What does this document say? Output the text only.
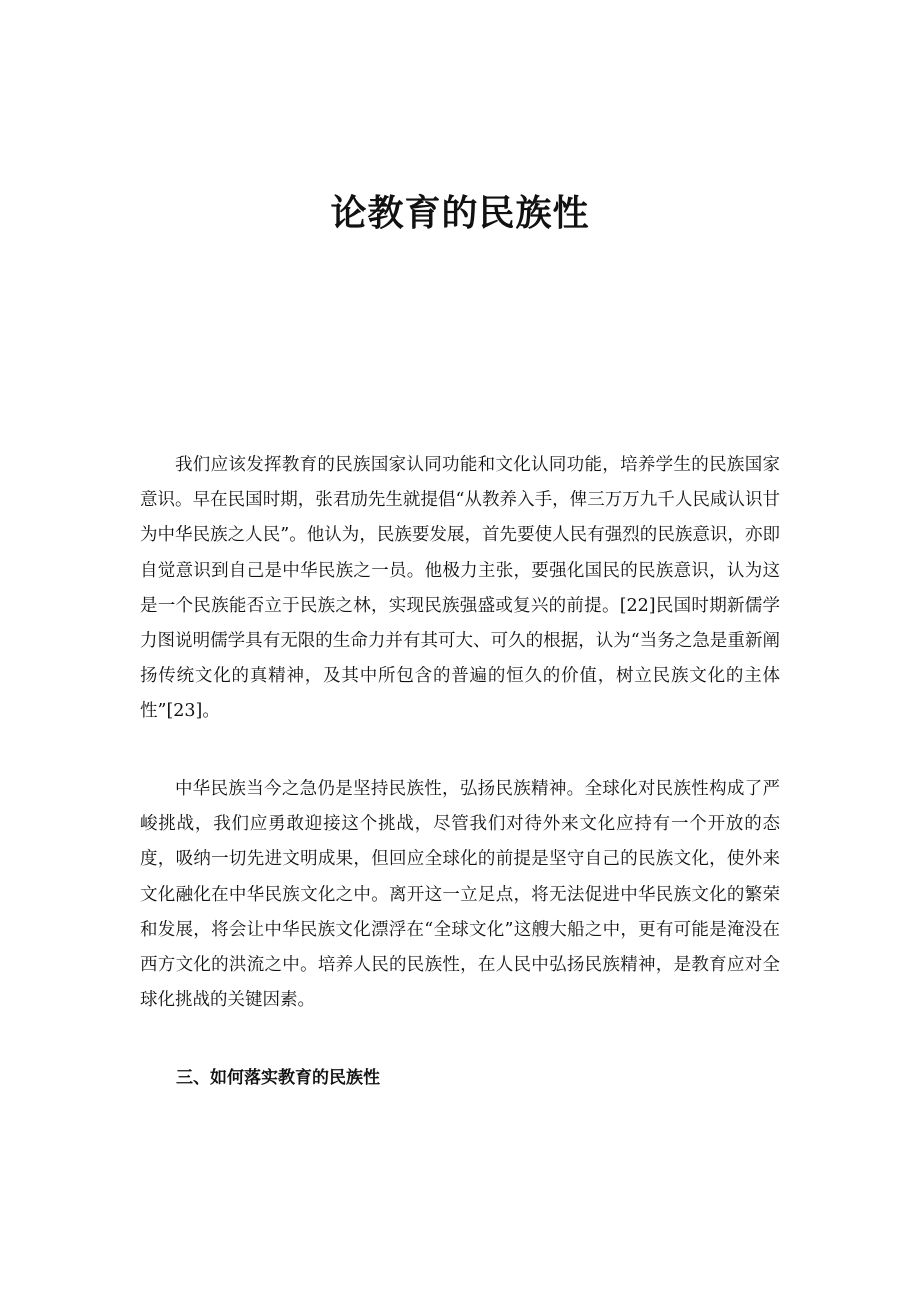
论教育的民族性

我们应该发挥教育的民族国家认同功能和文化认同功能，培养学生的民族国家意识。早在民国时期，张君劢先生就提倡“从教养入手，俾三万万九千人民咸认识甘为中华民族之人民”。他认为，民族要发展，首先要使人民有强烈的民族意识，亦即自觉意识到自己是中华民族之一员。他极力主张，要强化国民的民族意识，认为这是一个民族能否立于民族之林，实现民族强盛或复兴的前提。[22]民国时期新儒学力图说明儒学具有无限的生命力并有其可大、可久的根据，认为“当务之急是重新阐扬传统文化的真精神，及其中所包含的普遍的恒久的价值，树立民族文化的主体性”[23]。

中华民族当今之急仍是坚持民族性，弘扬民族精神。全球化对民族性构成了严峻挑战，我们应勇敢迎接这个挑战，尽管我们对待外来文化应持有一个开放的态度，吸纳一切先进文明成果，但回应全球化的前提是坚守自己的民族文化，使外来文化融化在中华民族文化之中。离开这一立足点，将无法促进中华民族文化的繁荣和发展，将会让中华民族文化漂浮在“全球文化”这艘大船之中，更有可能是淹没在西方文化的洪流之中。培养人民的民族性，在人民中弘扬民族精神，是教育应对全球化挑战的关键因素。

三、如何落实教育的民族性
